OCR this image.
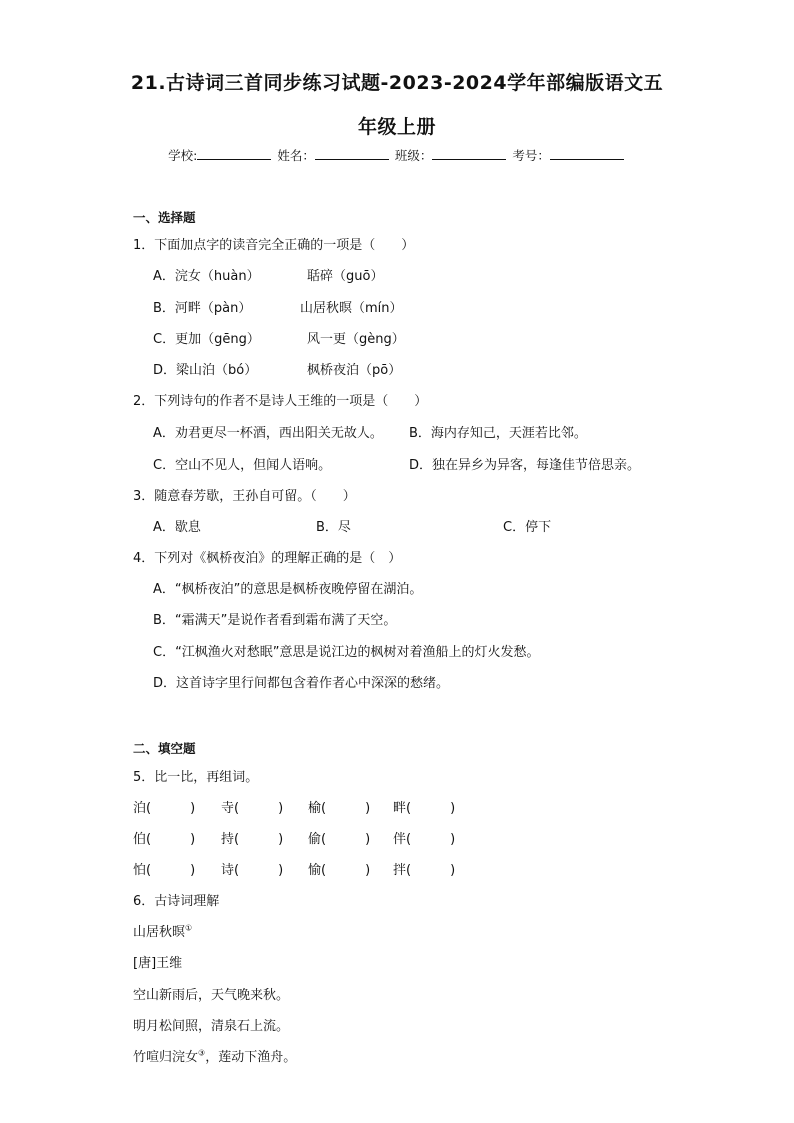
21.古诗词三首同步练习试题-2023-2024学年部编版语文五
年级上册
学校:	姓名：	班级：	考号：
一、选择题
1．下面加点字的读音完全正确的一项是（　　）
A．浣女（huàn）	聒碎（guō）
B．河畔（pàn）	山居秋暝（mín）
C．更加（gēng）	风一更（gèng）
D．梁山泊（bó）	枫桥夜泊（pō）
2．下列诗句的作者不是诗人王维的一项是（　　）
A．劝君更尽一杯酒，西出阳关无故人。 B．海内存知己，天涯若比邻。
C．空山不见人，但闻人语响。	D．独在异乡为异客，每逢佳节倍思亲。
3．随意春芳歇，王孙自可留。（　　）
A．歇息	B．尽	C．停下
4．下列对《枫桥夜泊》的理解正确的是（　）
A．“枫桥夜泊”的意思是枫桥夜晚停留在湖泊。
B．“霜满天”是说作者看到霜布满了天空。
C．“江枫渔火对愁眠”意思是说江边的枫树对着渔船上的灯火发愁。
D．这首诗字里行间都包含着作者心中深深的愁绪。
二、填空题
5．比一比，再组词。
泊(　　　) 寺(　　　) 榆(　　　) 畔(　　　)
伯(　　　) 持(　　　) 偷(　　　) 伴(　　　)
怕(　　　) 诗(　　　) 愉(　　　) 拌(　　　)
6．古诗词理解
山居秋暝①
[唐]王维
空山新雨后，天气晚来秋。
明月松间照，清泉石上流。
竹喧归浣女③，莲动下渔舟。
